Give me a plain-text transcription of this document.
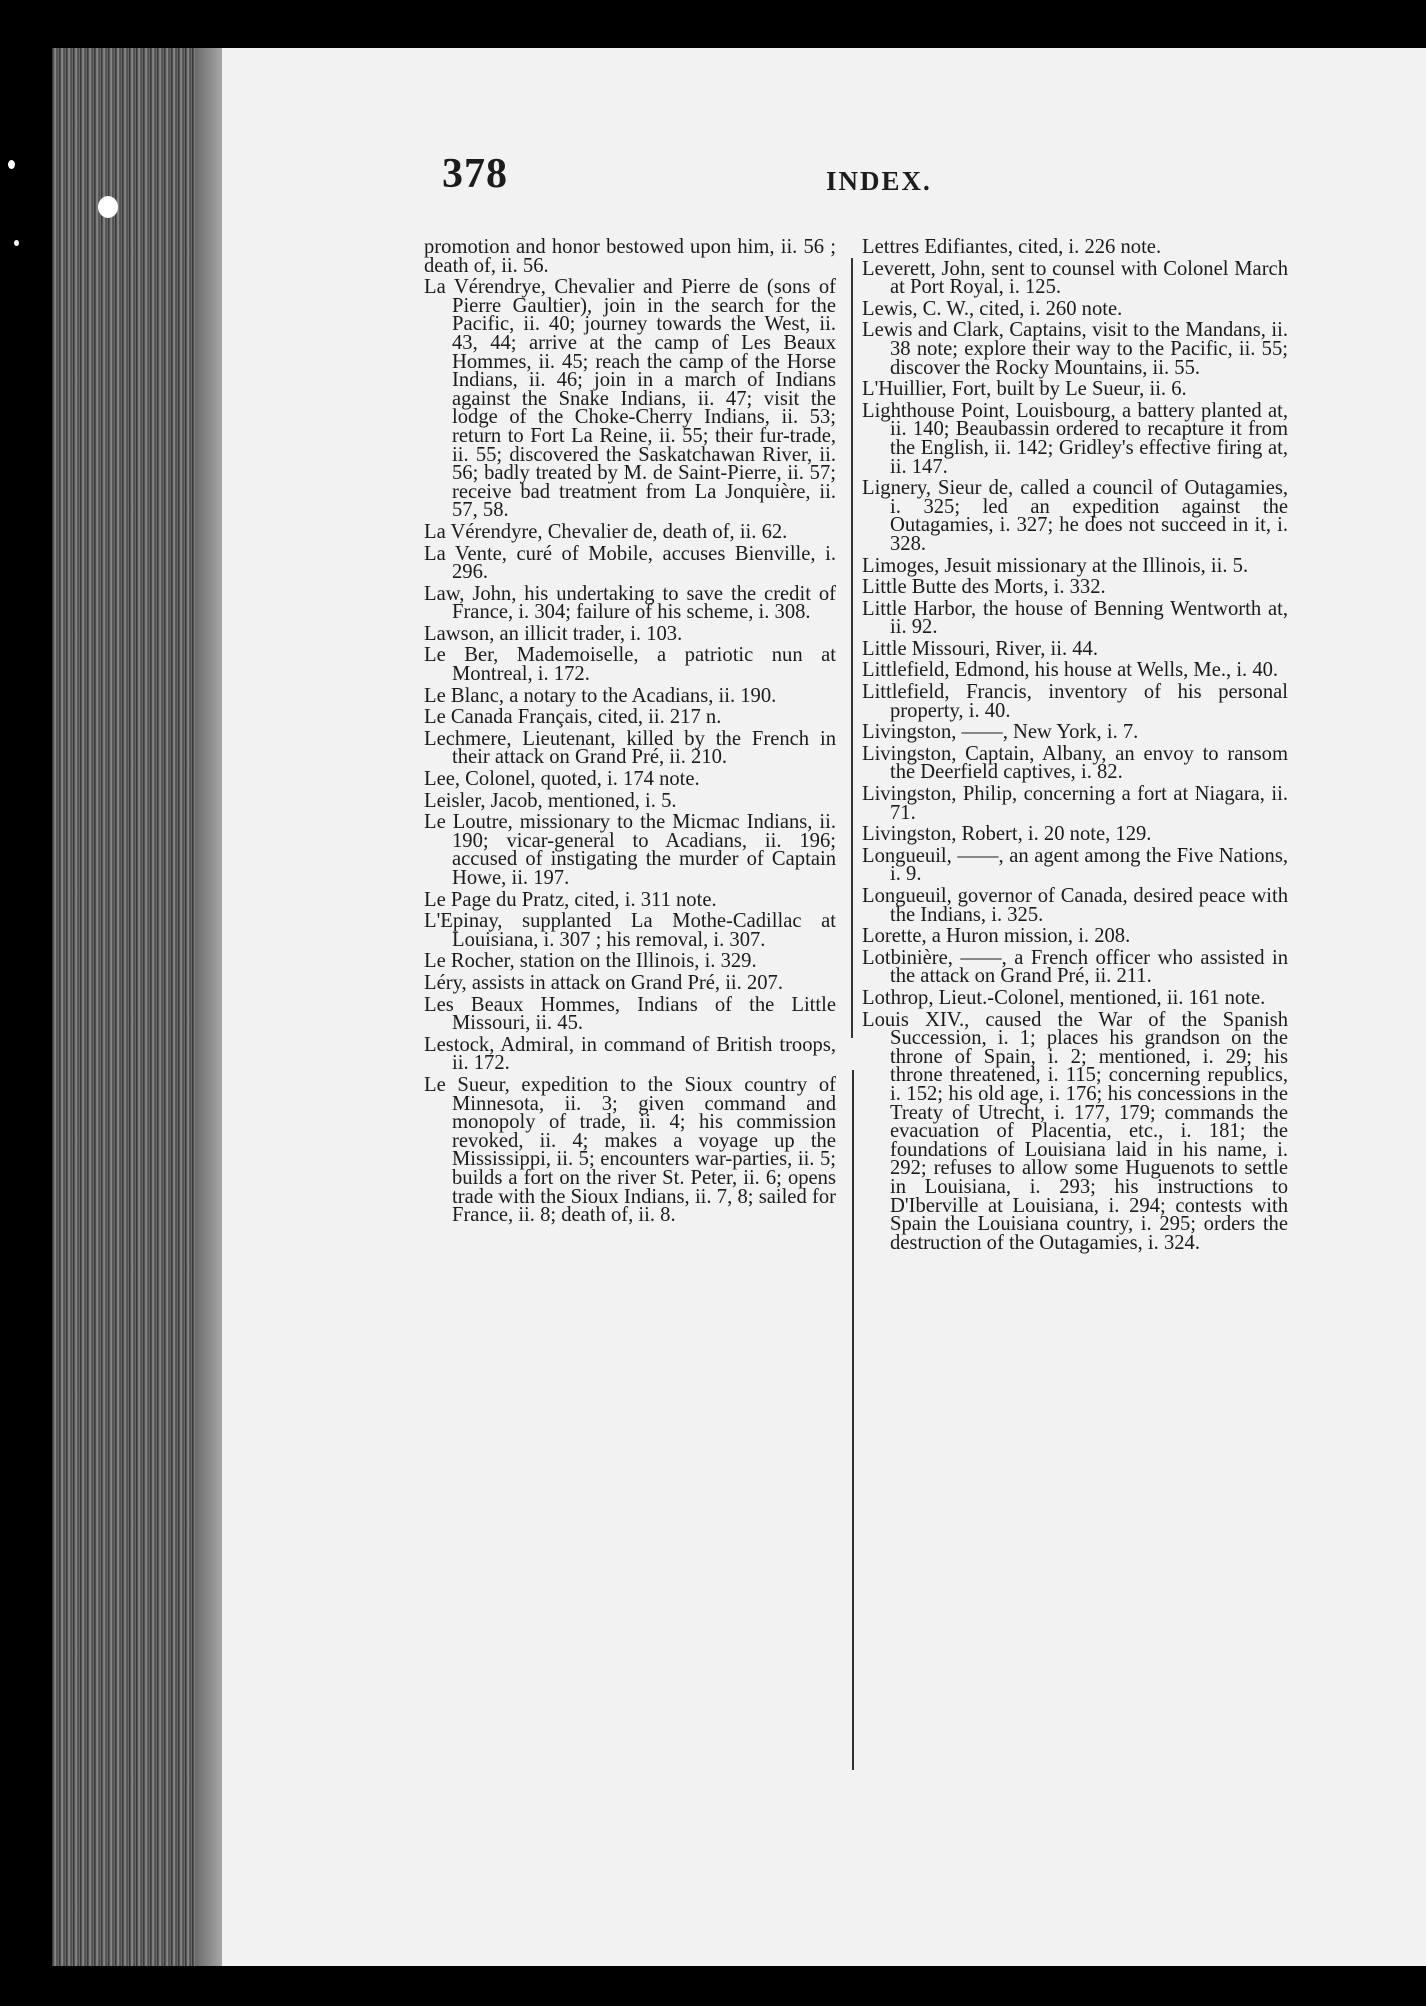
378	INDEX.

promotion and honor bestowed upon him, ii. 56 ; death of, ii. 56.

La Vérendrye, Chevalier and Pierre de (sons of Pierre Gaultier), join in the search for the Pacific, ii. 40; journey towards the West, ii. 43, 44; arrive at the camp of Les Beaux Hommes, ii. 45; reach the camp of the Horse Indians, ii. 46; join in a march of Indians against the Snake Indians, ii. 47; visit the lodge of the Choke-Cherry Indians, ii. 53; return to Fort La Reine, ii. 55; their fur-trade, ii. 55; discovered the Saskatchawan River, ii. 56; badly treated by M. de Saint-Pierre, ii. 57; receive bad treatment from La Jonquière, ii. 57, 58.

La Vérendyre, Chevalier de, death of, ii. 62.

La Vente, curé of Mobile, accuses Bienville, i. 296.

Law, John, his undertaking to save the credit of France, i. 304; failure of his scheme, i. 308.

Lawson, an illicit trader, i. 103.

Le Ber, Mademoiselle, a patriotic nun at Montreal, i. 172.

Le Blanc, a notary to the Acadians, ii. 190.

Le Canada Français, cited, ii. 217 n.

Lechmere, Lieutenant, killed by the French in their attack on Grand Pré, ii. 210.

Lee, Colonel, quoted, i. 174 note.

Leisler, Jacob, mentioned, i. 5.

Le Loutre, missionary to the Micmac Indians, ii. 190; vicar-general to Acadians, ii. 196; accused of instigating the murder of Captain Howe, ii. 197.

Le Page du Pratz, cited, i. 311 note.

L'Epinay, supplanted La Mothe-Cadillac at Louisiana, i. 307 ; his removal, i. 307.

Le Rocher, station on the Illinois, i. 329.

Léry, assists in attack on Grand Pré, ii. 207.

Les Beaux Hommes, Indians of the Little Missouri, ii. 45.

Lestock, Admiral, in command of British troops, ii. 172.

Le Sueur, expedition to the Sioux country of Minnesota, ii. 3; given command and monopoly of trade, ii. 4; his commission revoked, ii. 4; makes a voyage up the Mississippi, ii. 5; encounters war-parties, ii. 5; builds a fort on the river St. Peter, ii. 6; opens trade with the Sioux Indians, ii. 7, 8; sailed for France, ii. 8; death of, ii. 8.

Lettres Edifiantes, cited, i. 226 note.

Leverett, John, sent to counsel with Colonel March at Port Royal, i. 125.

Lewis, C. W., cited, i. 260 note.

Lewis and Clark, Captains, visit to the Mandans, ii. 38 note; explore their way to the Pacific, ii. 55; discover the Rocky Mountains, ii. 55.

L'Huillier, Fort, built by Le Sueur, ii. 6.

Lighthouse Point, Louisbourg, a battery planted at, ii. 140; Beaubassin ordered to recapture it from the English, ii. 142; Gridley's effective firing at, ii. 147.

Lignery, Sieur de, called a council of Outagamies, i. 325; led an expedition against the Outagamies, i. 327; he does not succeed in it, i. 328.

Limoges, Jesuit missionary at the Illinois, ii. 5.

Little Butte des Morts, i. 332.

Little Harbor, the house of Benning Wentworth at, ii. 92.

Little Missouri, River, ii. 44.

Littlefield, Edmond, his house at Wells, Me., i. 40.

Littlefield, Francis, inventory of his personal property, i. 40.

Livingston, ——, New York, i. 7.

Livingston, Captain, Albany, an envoy to ransom the Deerfield captives, i. 82.

Livingston, Philip, concerning a fort at Niagara, ii. 71.

Livingston, Robert, i. 20 note, 129.

Longueuil, ——, an agent among the Five Nations, i. 9.

Longueuil, governor of Canada, desired peace with the Indians, i. 325.

Lorette, a Huron mission, i. 208.

Lotbinière, ——, a French officer who assisted in the attack on Grand Pré, ii. 211.

Lothrop, Lieut.-Colonel, mentioned, ii. 161 note.

Louis XIV., caused the War of the Spanish Succession, i. 1; places his grandson on the throne of Spain, i. 2; mentioned, i. 29; his throne threatened, i. 115; concerning republics, i. 152; his old age, i. 176; his concessions in the Treaty of Utrecht, i. 177, 179; commands the evacuation of Placentia, etc., i. 181; the foundations of Louisiana laid in his name, i. 292; refuses to allow some Huguenots to settle in Louisiana, i. 293; his instructions to D'Iberville at Louisiana, i. 294; contests with Spain the Louisiana country, i. 295; orders the destruction of the Outagamies, i. 324.
